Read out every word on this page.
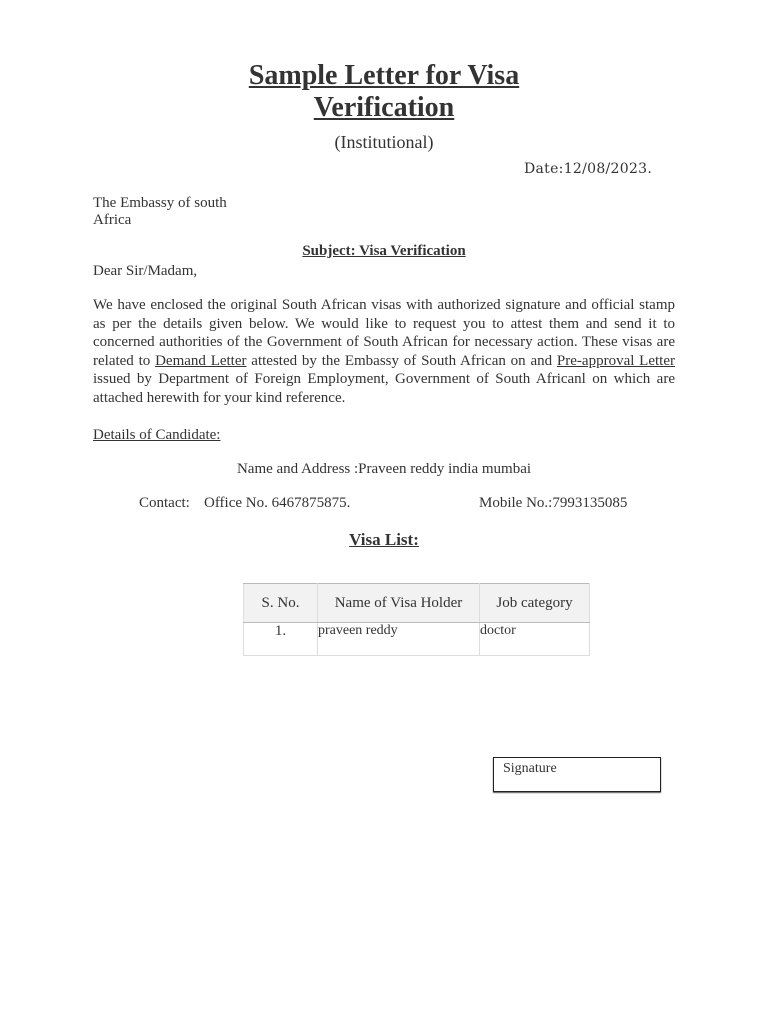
Sample Letter for Visa
Verification
(Institutional)
Date:12/08/2023.
The Embassy of south
Africa
Subject: Visa Verification
Dear Sir/Madam,
We have enclosed the original South African visas with authorized signature and official stamp as per the details given below. We would like to request you to attest them and send it to concerned authorities of the Government of South African for necessary action. These visas are related to Demand Letter attested by the Embassy of South African on and Pre-approval Letter issued by Department of Foreign Employment, Government of South Africanl on which are attached herewith for your kind reference.
Details of Candidate:
Name and Address :Praveen reddy india mumbai
Contact: Office No. 6467875875.	Mobile No.:7993135085
Visa List:
S. No.	Name of Visa Holder	Job category
1.	praveen reddy	doctor
Signature
